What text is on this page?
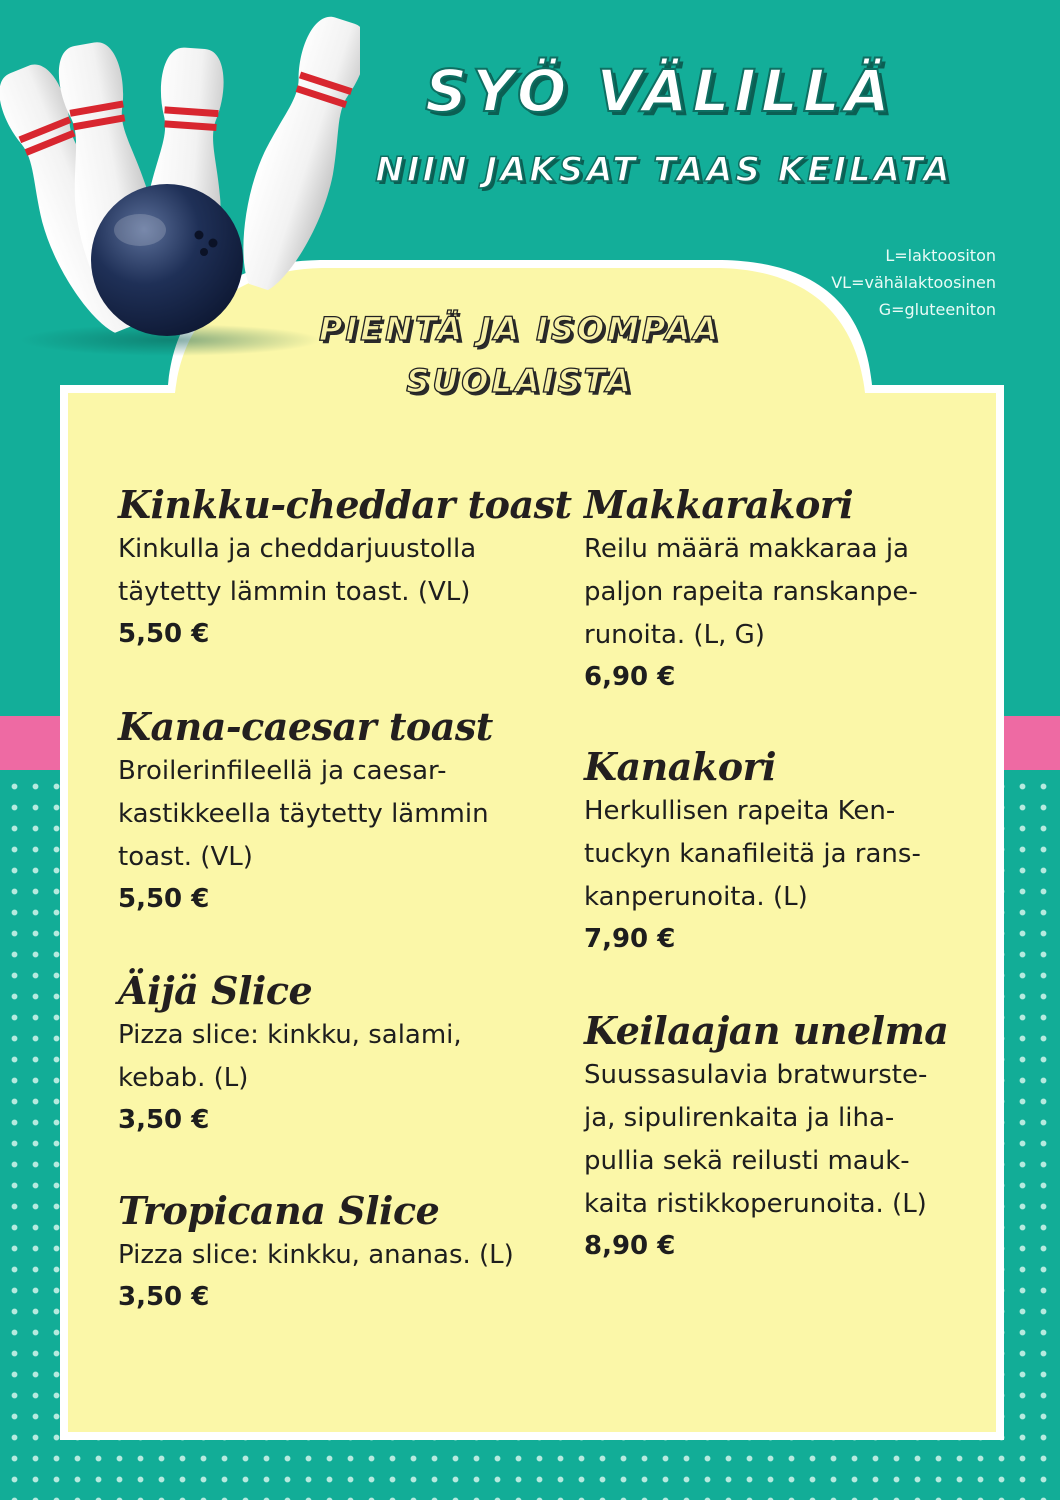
SYÖ VÄLILLÄ
NIIN JAKSAT TAAS KEILATA
L=laktoositon
VL=vähälaktoosinen
G=gluteeniton
PIENTÄ JA ISOMPAA
SUOLAISTA
Kinkku-cheddar toast
Kinkulla ja cheddarjuustolla
täytetty lämmin toast. (VL)
5,50 €
Kana-caesar toast
Broilerinfileellä ja caesar-
kastikkeella täytetty lämmin
toast. (VL)
5,50 €
Äijä Slice
Pizza slice: kinkku, salami,
kebab. (L)
3,50 €
Tropicana Slice
Pizza slice: kinkku, ananas. (L)
3,50 €
Makkarakori
Reilu määrä makkaraa ja
paljon rapeita ranskanpe-
runoita. (L, G)
6,90 €
Kanakori
Herkullisen rapeita Ken-
tuckyn kanafileitä ja rans-
kanperunoita. (L)
7,90 €
Keilaajan unelma
Suussasulavia bratwurste-
ja, sipulirenkaita ja liha-
pullia sekä reilusti mauk-
kaita ristikkoperunoita. (L)
8,90 €
